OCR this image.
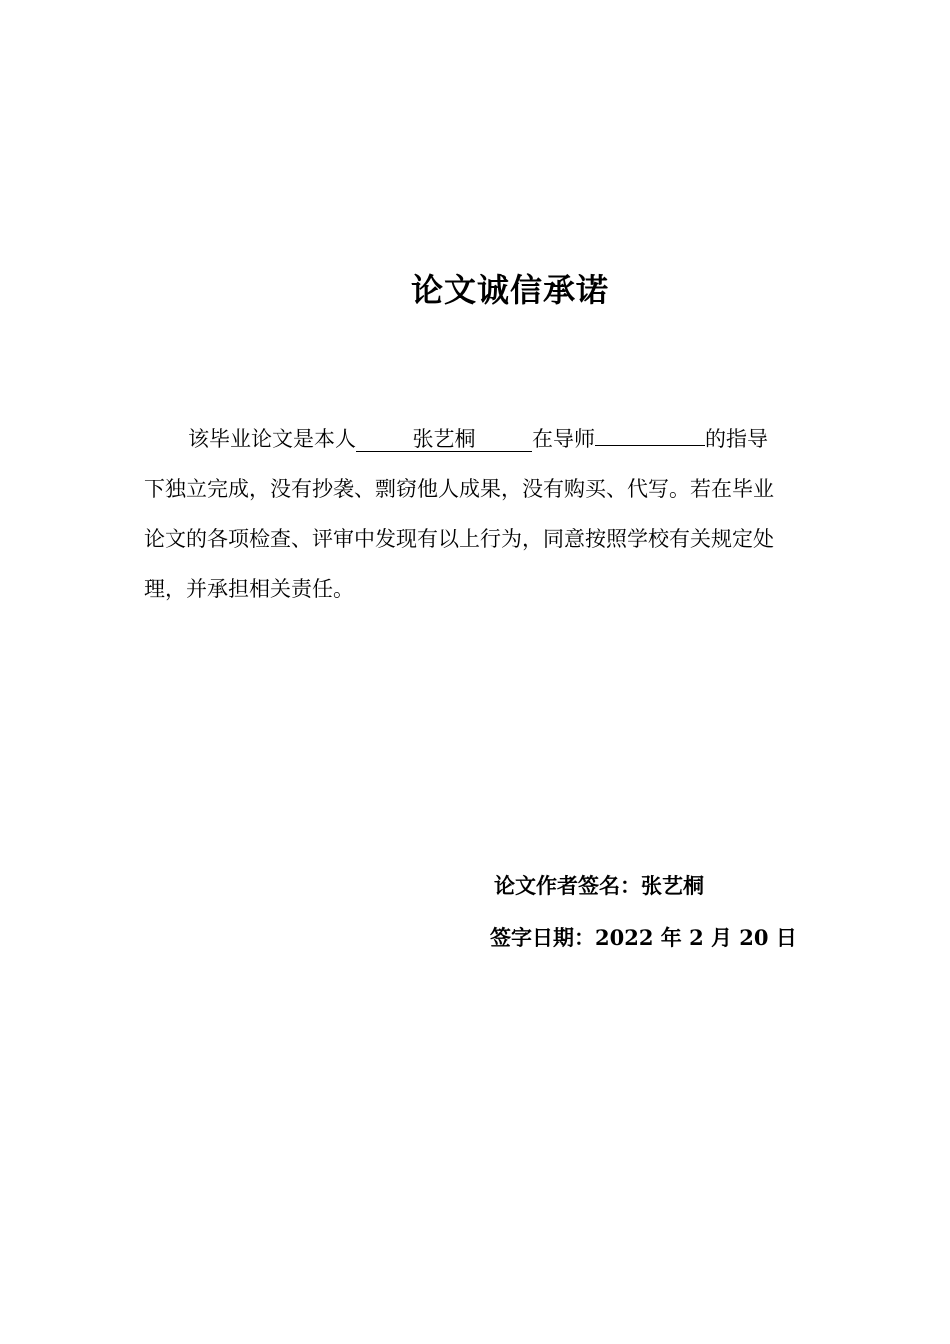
论文诚信承诺
该毕业论文是本人	张艺桐	在导师	的指导
下独立完成，没有抄袭、剽窃他人成果，没有购买、代写。若在毕业
论文的各项检查、评审中发现有以上行为，同意按照学校有关规定处
理，并承担相关责任。
论文作者签名：张艺桐
签字日期：2022 年 2 月 20 日
